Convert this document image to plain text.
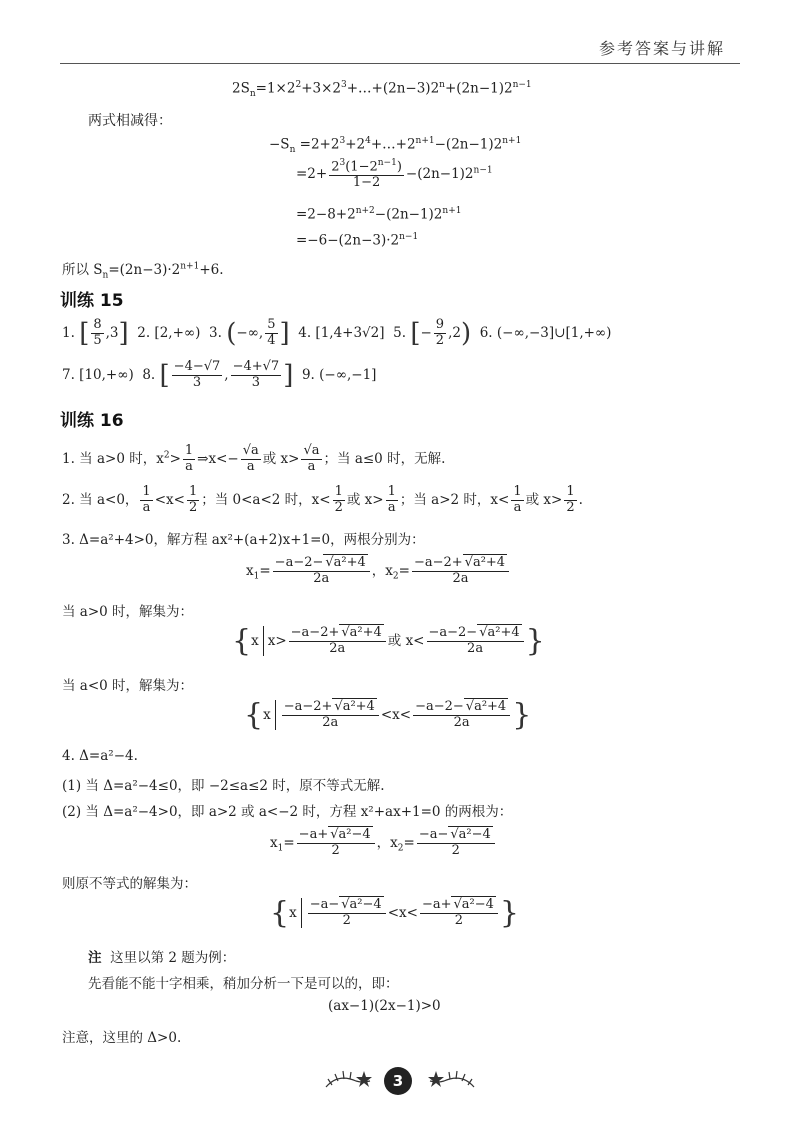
参考答案与讲解
$2S_n=1\times 2^2+3\times 2^3+\dots+(2n-3)2^n+(2n-1)2^{n-1}$
两式相减得：
$-S_n$ $=2+2^3+2^4+\dots+2^{n+1}-(2n-1)2^{n+1}$
$=2+ \frac{2^3(1-2^{n-1})}{1-2} -(2n-1)2^{n-1}$
$=2-8+2^{n+2}-(2n-1)2^{n+1}$
$=-6-(2n-3)\cdot 2^{n-1}$
所以 $S_n=(2n-3)\cdot 2^{n+1}+6$.
训练 15
1. [ $\frac{8}{5} ,3$] 2. [2,+∞) 3. (−∞, $\frac{5}{4}$ ] 4. [1,4+3√2] 5. [− $\frac{9}{2} ,2$) 6. (−∞,−3]∪[1,+∞)
7. [10,+∞) 8. [ $\frac{-4-√7}{3}$ , $\frac{-4+√7}{3}$ ] 9. (−∞,−1]
训练 16
1. 当 a>0 时，$x^2> \frac{1}{a}$ ⇒x<− $\frac{√a}{a}$ 或 $x> \frac{√a}{a}$ ；当 a≤0 时，无解.
2. 当 a<0， $\frac{1}{a} <x< \frac{1}{2}$ ；当 0<a<2 时，$x< \frac{1}{2}$ 或 $x> \frac{1}{a}$ ；当 a>2 时，$x< \frac{1}{a}$ 或 $x> \frac{1}{2}$ .
3. Δ=a²+4>0，解方程 ax²+(a+2)x+1=0，两根分别为：
$x_1= \frac{\text{−a−2− √a²+4}}{2a}$ ，$x_2= \frac{\text{−a−2+ √a²+4}}{2a}$
当 a>0 时，解集为：
{x $x> \frac{\text{−a−2+ √a²+4}}{2a}$ 或 $x< \frac{\text{−a−2− √a²+4}}{2a}$ }
当 a<0 时，解集为：
{$x \frac{\text{−a−2+ √a²+4}}{2a} <x< \frac{\text{−a−2− √a²+4}}{2a}$ }
4. Δ=a²−4.
(1) 当 Δ=a²−4≤0，即 −2≤a≤2 时，原不等式无解.
(2) 当 Δ=a²−4>0，即 a>2 或 a<−2 时，方程 x²+ax+1=0 的两根为：
$x_1= \frac{\text{−a+ √a²−4}}{2}$ ，$x_2= \frac{\text{−a− √a²−4}}{2}$
则原不等式的解集为：
{$x \frac{\text{−a− √a²−4}}{2} <x< \frac{\text{−a+ √a²−4}}{2}$ }
注 这里以第 2 题为例：
先看能不能十字相乘，稍加分析一下是可以的，即：
(ax−1)(2x−1)>0
注意，这里的 Δ>0.
3
